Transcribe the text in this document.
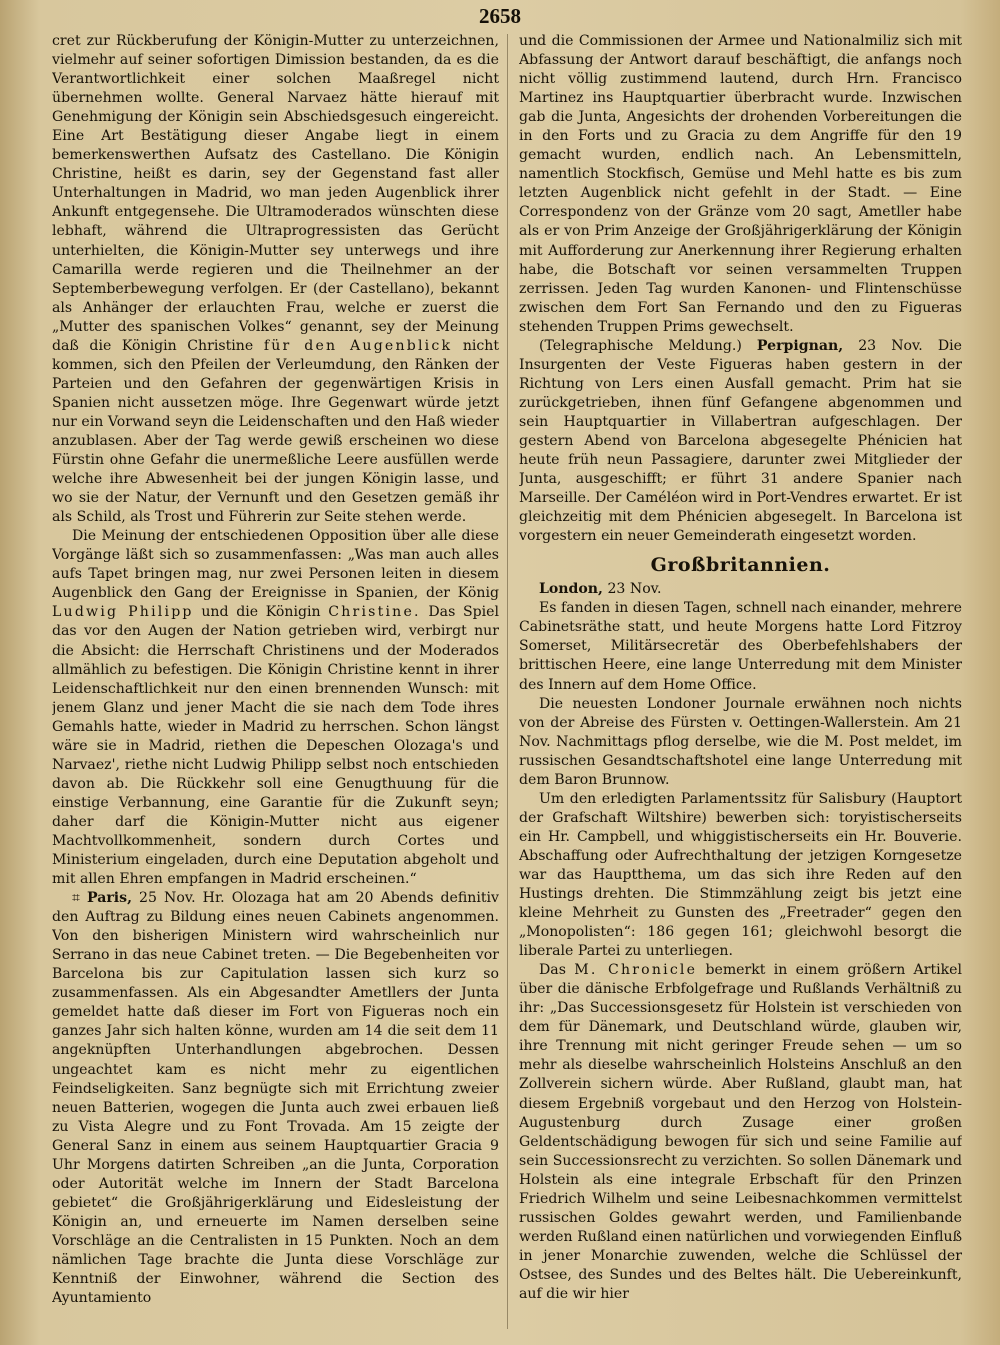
2658

cret zur Rückberufung der Königin-Mutter zu unterzeichnen, vielmehr auf seiner sofortigen Dimission bestanden, da es die Verantwortlichkeit einer solchen Maaßregel nicht übernehmen wollte. General Narvaez hätte hierauf mit Genehmigung der Königin sein Abschiedsgesuch eingereicht. Eine Art Bestätigung dieser Angabe liegt in einem bemerkenswerthen Aufsatz des Castellano. Die Königin Christine, heißt es darin, sey der Gegenstand fast aller Unterhaltungen in Madrid, wo man jeden Augenblick ihrer Ankunft entgegensehe. Die Ultramoderados wünschten diese lebhaft, während die Ultraprogressisten das Gerücht unterhielten, die Königin-Mutter sey unterwegs und ihre Camarilla werde regieren und die Theilnehmer an der Septemberbewegung verfolgen. Er (der Castellano), bekannt als Anhänger der erlauchten Frau, welche er zuerst die „Mutter des spanischen Volkes“ genannt, sey der Meinung daß die Königin Christine für den Augenblick nicht kommen, sich den Pfeilen der Verleumdung, den Ränken der Parteien und den Gefahren der gegenwärtigen Krisis in Spanien nicht aussetzen möge. Ihre Gegenwart würde jetzt nur ein Vorwand seyn die Leidenschaften und den Haß wieder anzublasen. Aber der Tag werde gewiß erscheinen wo diese Fürstin ohne Gefahr die unermeßliche Leere ausfüllen werde welche ihre Abwesenheit bei der jungen Königin lasse, und wo sie der Natur, der Vernunft und den Gesetzen gemäß ihr als Schild, als Trost und Führerin zur Seite stehen werde.

Die Meinung der entschiedenen Opposition über alle diese Vorgänge läßt sich so zusammenfassen: „Was man auch alles aufs Tapet bringen mag, nur zwei Personen leiten in diesem Augenblick den Gang der Ereignisse in Spanien, der König Ludwig Philipp und die Königin Christine. Das Spiel das vor den Augen der Nation getrieben wird, verbirgt nur die Absicht: die Herrschaft Christinens und der Moderados allmählich zu befestigen. Die Königin Christine kennt in ihrer Leidenschaftlichkeit nur den einen brennenden Wunsch: mit jenem Glanz und jener Macht die sie nach dem Tode ihres Gemahls hatte, wieder in Madrid zu herrschen. Schon längst wäre sie in Madrid, riethen die Depeschen Olozaga's und Narvaez', riethe nicht Ludwig Philipp selbst noch entschieden davon ab. Die Rückkehr soll eine Genugthuung für die einstige Verbannung, eine Garantie für die Zukunft seyn; daher darf die Königin-Mutter nicht aus eigener Machtvollkommenheit, sondern durch Cortes und Ministerium eingeladen, durch eine Deputation abgeholt und mit allen Ehren empfangen in Madrid erscheinen.“

⌗ Paris, 25 Nov. Hr. Olozaga hat am 20 Abends definitiv den Auftrag zu Bildung eines neuen Cabinets angenommen. Von den bisherigen Ministern wird wahrscheinlich nur Serrano in das neue Cabinet treten. — Die Begebenheiten vor Barcelona bis zur Capitulation lassen sich kurz so zusammenfassen. Als ein Abgesandter Ametllers der Junta gemeldet hatte daß dieser im Fort von Figueras noch ein ganzes Jahr sich halten könne, wurden am 14 die seit dem 11 angeknüpften Unterhandlungen abgebrochen. Dessen ungeachtet kam es nicht mehr zu eigentlichen Feindseligkeiten. Sanz begnügte sich mit Errichtung zweier neuen Batterien, wogegen die Junta auch zwei erbauen ließ zu Vista Alegre und zu Font Trovada. Am 15 zeigte der General Sanz in einem aus seinem Hauptquartier Gracia 9 Uhr Morgens datirten Schreiben „an die Junta, Corporation oder Autorität welche im Innern der Stadt Barcelona gebietet“ die Großjährigerklärung und Eidesleistung der Königin an, und erneuerte im Namen derselben seine Vorschläge an die Centralisten in 15 Punkten. Noch an dem nämlichen Tage brachte die Junta diese Vorschläge zur Kenntniß der Einwohner, während die Section des Ayuntamiento

und die Commissionen der Armee und Nationalmiliz sich mit Abfassung der Antwort darauf beschäftigt, die anfangs noch nicht völlig zustimmend lautend, durch Hrn. Francisco Martinez ins Hauptquartier überbracht wurde. Inzwischen gab die Junta, Angesichts der drohenden Vorbereitungen die in den Forts und zu Gracia zu dem Angriffe für den 19 gemacht wurden, endlich nach. An Lebensmitteln, namentlich Stockfisch, Gemüse und Mehl hatte es bis zum letzten Augenblick nicht gefehlt in der Stadt. — Eine Correspondenz von der Gränze vom 20 sagt, Ametller habe als er von Prim Anzeige der Großjährigerklärung der Königin mit Aufforderung zur Anerkennung ihrer Regierung erhalten habe, die Botschaft vor seinen versammelten Truppen zerrissen. Jeden Tag wurden Kanonen- und Flintenschüsse zwischen dem Fort San Fernando und den zu Figueras stehenden Truppen Prims gewechselt.

(Telegraphische Meldung.) Perpignan, 23 Nov. Die Insurgenten der Veste Figueras haben gestern in der Richtung von Lers einen Ausfall gemacht. Prim hat sie zurückgetrieben, ihnen fünf Gefangene abgenommen und sein Hauptquartier in Villabertran aufgeschlagen. Der gestern Abend von Barcelona abgesegelte Phénicien hat heute früh neun Passagiere, darunter zwei Mitglieder der Junta, ausgeschifft; er führt 31 andere Spanier nach Marseille. Der Caméléon wird in Port-Vendres erwartet. Er ist gleichzeitig mit dem Phénicien abgesegelt. In Barcelona ist vorgestern ein neuer Gemeinderath eingesetzt worden.

Großbritannien.

London, 23 Nov.

Es fanden in diesen Tagen, schnell nach einander, mehrere Cabinetsräthe statt, und heute Morgens hatte Lord Fitzroy Somerset, Militärsecretär des Oberbefehlshabers der brittischen Heere, eine lange Unterredung mit dem Minister des Innern auf dem Home Office.

Die neuesten Londoner Journale erwähnen noch nichts von der Abreise des Fürsten v. Oettingen-Wallerstein. Am 21 Nov. Nachmittags pflog derselbe, wie die M. Post meldet, im russischen Gesandtschaftshotel eine lange Unterredung mit dem Baron Brunnow.

Um den erledigten Parlamentssitz für Salisbury (Hauptort der Grafschaft Wiltshire) bewerben sich: toryistischerseits ein Hr. Campbell, und whiggistischerseits ein Hr. Bouverie. Abschaffung oder Aufrechthaltung der jetzigen Korngesetze war das Hauptthema, um das sich ihre Reden auf den Hustings drehten. Die Stimmzählung zeigt bis jetzt eine kleine Mehrheit zu Gunsten des „Freetrader“ gegen den „Monopolisten“: 186 gegen 161; gleichwohl besorgt die liberale Partei zu unterliegen.

Das M. Chronicle bemerkt in einem größern Artikel über die dänische Erbfolgefrage und Rußlands Verhältniß zu ihr: „Das Successionsgesetz für Holstein ist verschieden von dem für Dänemark, und Deutschland würde, glauben wir, ihre Trennung mit nicht geringer Freude sehen — um so mehr als dieselbe wahrscheinlich Holsteins Anschluß an den Zollverein sichern würde. Aber Rußland, glaubt man, hat diesem Ergebniß vorgebaut und den Herzog von Holstein-Augustenburg durch Zusage einer großen Geldentschädigung bewogen für sich und seine Familie auf sein Successionsrecht zu verzichten. So sollen Dänemark und Holstein als eine integrale Erbschaft für den Prinzen Friedrich Wilhelm und seine Leibesnachkommen vermittelst russischen Goldes gewahrt werden, und Familienbande werden Rußland einen natürlichen und vorwiegenden Einfluß in jener Monarchie zuwenden, welche die Schlüssel der Ostsee, des Sundes und des Beltes hält. Die Uebereinkunft, auf die wir hier
